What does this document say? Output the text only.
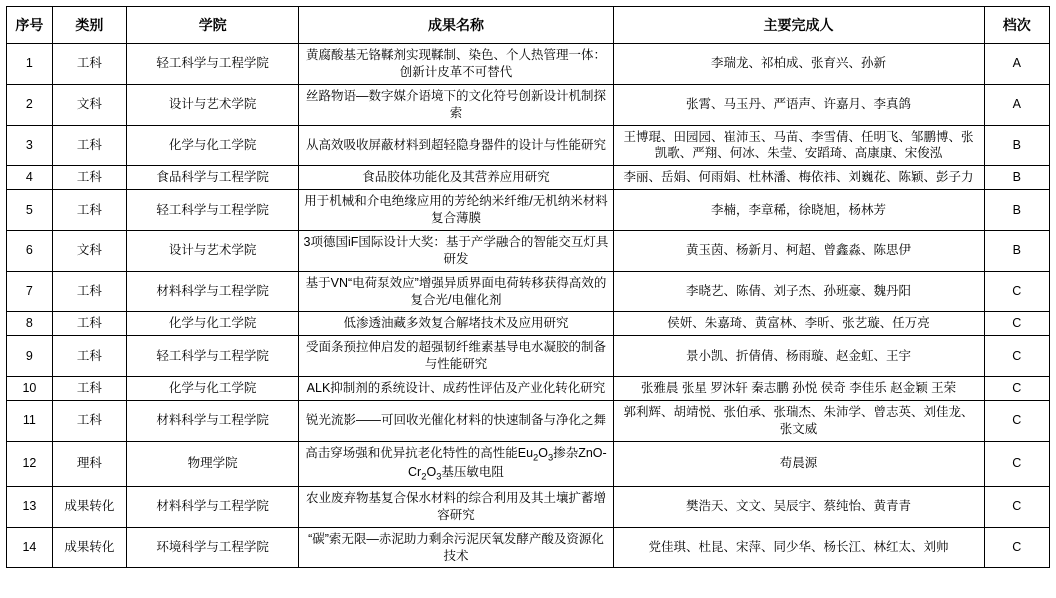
序号	类别	学院	成果名称	主要完成人	档次
1	工科	轻工科学与工程学院	黄腐酸基无铬鞣剂实现鞣制、染色、个人热管理一体：创新计皮革不可替代	李瑞龙、祁柏成、张育兴、孙新	A
2	文科	设计与艺术学院	丝路物语—数字媒介语境下的文化符号创新设计机制探索	张霄、马玉丹、严语声、许嘉月、李真鸽	A
3	工科	化学与化工学院	从高效吸收屏蔽材料到超轻隐身器件的设计与性能研究	王博琨、田园园、崔沛玉、马苗、李雪倩、任明飞、邹鹏博、张凯歌、严翔、何冰、朱莹、安蹈琦、高康康、宋俊泓	B
4	工科	食品科学与工程学院	食品胶体功能化及其营养应用研究	李丽、岳娟、何雨娟、杜林潘、梅依祎、刘巍花、陈颖、彭子力	B
5	工科	轻工科学与工程学院	用于机械和介电绝缘应用的芳纶纳米纤维/无机纳米材料复合薄膜	李楠，李章稀，徐晓旭，杨林芳	B
6	文科	设计与艺术学院	3项德国iF国际设计大奖：基于产学融合的智能交互灯具研发	黄玉茵、杨新月、柯超、曾鑫淼、陈思伊	B
7	工科	材料科学与工程学院	基于VN“电荷泵效应”增强异质界面电荷转移获得高效的复合光/电催化剂	李晓艺、陈倩、刘子杰、孙班豪、魏丹阳	C
8	工科	化学与化工学院	低渗透油藏多效复合解堵技术及应用研究	侯妍、朱嘉琦、黄富林、李昕、张艺璇、任万亮	C
9	工科	轻工科学与工程学院	受面条预拉伸启发的超强韧纤维素基导电水凝胶的制备与性能研究	景小凯、折倩倩、杨雨璇、赵金虹、王宇	C
10	工科	化学与化工学院	ALK抑制剂的系统设计、成药性评估及产业化转化研究	张雅晨 张星 罗沐轩 秦志鹏 孙悦 侯奇 李佳乐 赵金颖 王荣	C
11	工科	材料科学与工程学院	锐光流影——可回收光催化材料的快速制备与净化之舞	郭利辉、胡靖悦、张伯承、张瑞杰、朱沛学、曾志英、刘佳龙、张文威	C
12	理科	物理学院	高击穿场强和优异抗老化特性的高性能$Eu_2O_3$掺杂ZnO-$Cr_2O_3$基压敏电阻	苟晨源	C
13	成果转化	材料科学与工程学院	农业废弃物基复合保水材料的综合利用及其土壤扩蓄增容研究	樊浩天、文文、吴辰宇、蔡纯怡、黄青青	C
14	成果转化	环境科学与工程学院	“碳”索无限—赤泥助力剩余污泥厌氧发酵产酸及资源化技术	党佳琪、杜昆、宋萍、同少华、杨长江、林红太、刘帅	C
